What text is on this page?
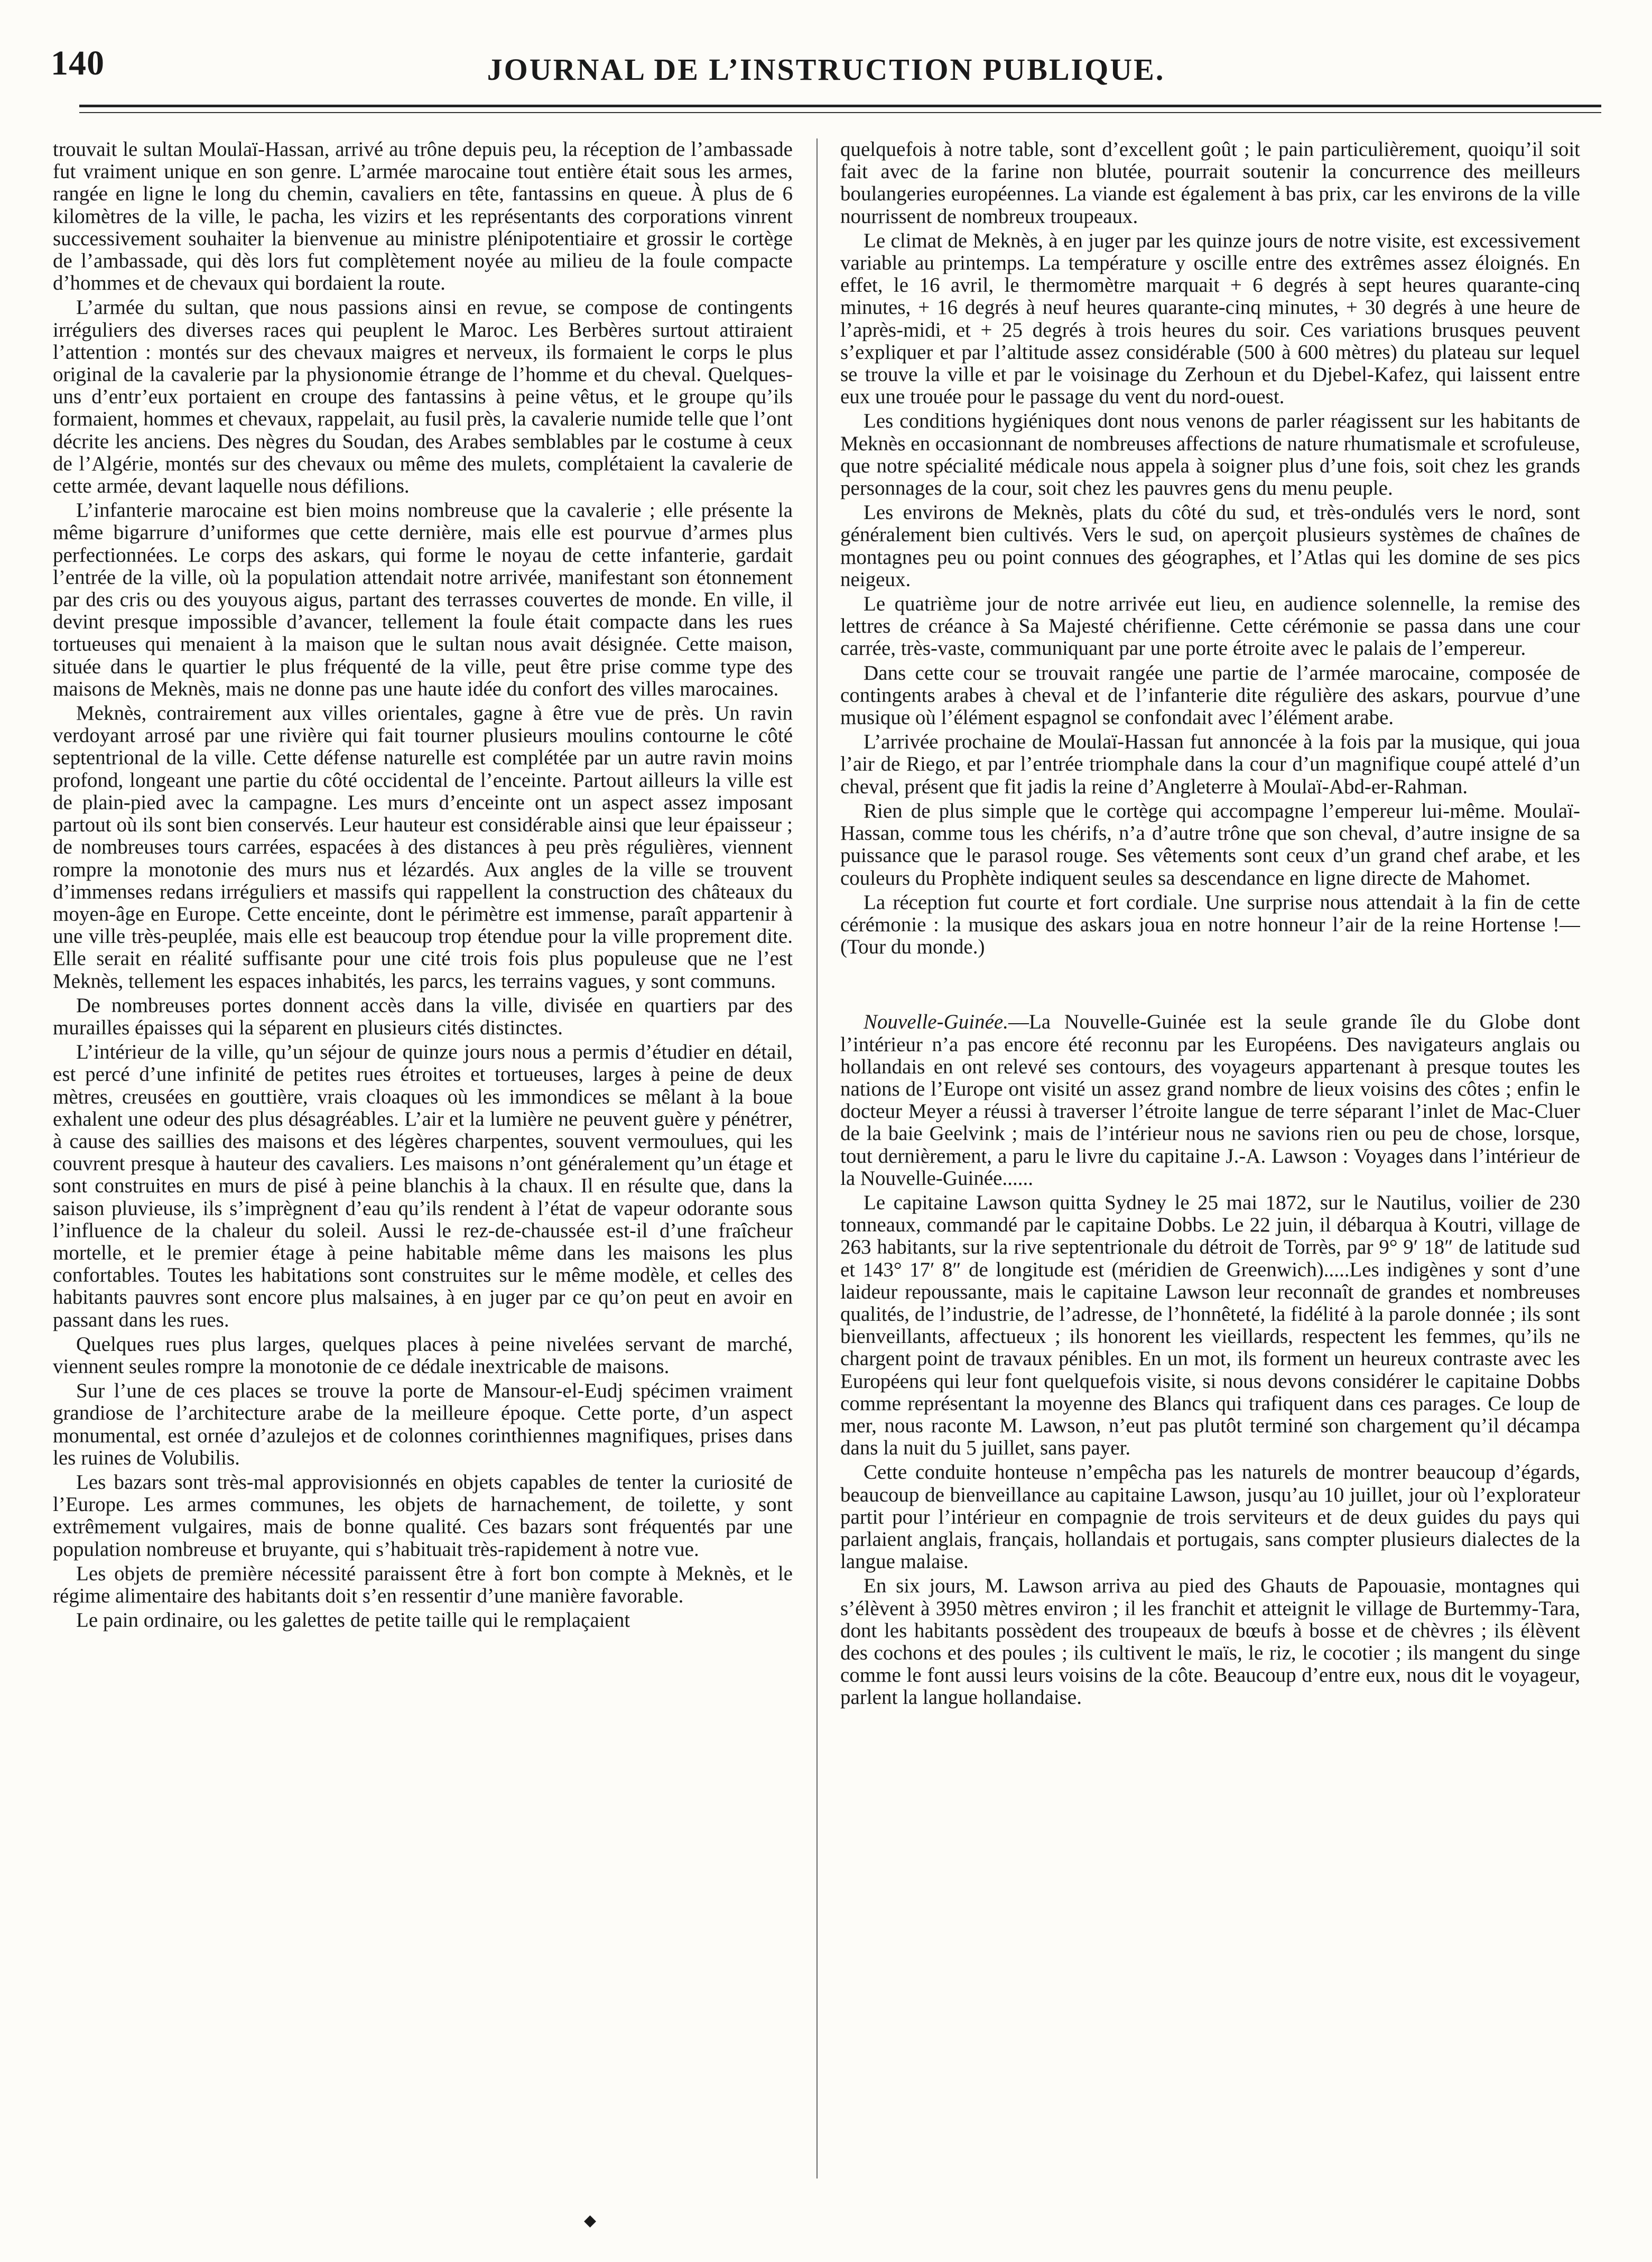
140	JOURNAL DE L’INSTRUCTION PUBLIQUE.

trouvait le sultan Moulaï-Hassan, arrivé au trône depuis peu, la réception de l’ambassade fut vraiment unique en son genre. L’armée marocaine tout entière était sous les armes, rangée en ligne le long du chemin, cavaliers en tête, fantassins en queue. À plus de 6 kilomètres de la ville, le pacha, les vizirs et les représentants des corporations vinrent successivement souhaiter la bienvenue au ministre plénipotentiaire et grossir le cortège de l’ambassade, qui dès lors fut complètement noyée au milieu de la foule compacte d’hommes et de chevaux qui bordaient la route.

L’armée du sultan, que nous passions ainsi en revue, se compose de contingents irréguliers des diverses races qui peuplent le Maroc. Les Berbères surtout attiraient l’attention : montés sur des chevaux maigres et nerveux, ils formaient le corps le plus original de la cavalerie par la physionomie étrange de l’homme et du cheval. Quelques-uns d’entr’eux portaient en croupe des fantassins à peine vêtus, et le groupe qu’ils formaient, hommes et chevaux, rappelait, au fusil près, la cavalerie numide telle que l’ont décrite les anciens. Des nègres du Soudan, des Arabes semblables par le costume à ceux de l’Algérie, montés sur des chevaux ou même des mulets, complétaient la cavalerie de cette armée, devant laquelle nous défilions.

L’infanterie marocaine est bien moins nombreuse que la cavalerie ; elle présente la même bigarrure d’uniformes que cette dernière, mais elle est pourvue d’armes plus perfectionnées. Le corps des askars, qui forme le noyau de cette infanterie, gardait l’entrée de la ville, où la population attendait notre arrivée, manifestant son étonnement par des cris ou des youyous aigus, partant des terrasses couvertes de monde. En ville, il devint presque impossible d’avancer, tellement la foule était compacte dans les rues tortueuses qui menaient à la maison que le sultan nous avait désignée. Cette maison, située dans le quartier le plus fréquenté de la ville, peut être prise comme type des maisons de Meknès, mais ne donne pas une haute idée du confort des villes marocaines.

Meknès, contrairement aux villes orientales, gagne à être vue de près. Un ravin verdoyant arrosé par une rivière qui fait tourner plusieurs moulins contourne le côté septentrional de la ville. Cette défense naturelle est complétée par un autre ravin moins profond, longeant une partie du côté occidental de l’enceinte. Partout ailleurs la ville est de plain-pied avec la campagne. Les murs d’enceinte ont un aspect assez imposant partout où ils sont bien conservés. Leur hauteur est considérable ainsi que leur épaisseur ; de nombreuses tours carrées, espacées à des distances à peu près régulières, viennent rompre la monotonie des murs nus et lézardés. Aux angles de la ville se trouvent d’immenses redans irréguliers et massifs qui rappellent la construction des châteaux du moyen-âge en Europe. Cette enceinte, dont le périmètre est immense, paraît appartenir à une ville très-peuplée, mais elle est beaucoup trop étendue pour la ville proprement dite. Elle serait en réalité suffisante pour une cité trois fois plus populeuse que ne l’est Meknès, tellement les espaces inhabités, les parcs, les terrains vagues, y sont communs.

De nombreuses portes donnent accès dans la ville, divisée en quartiers par des murailles épaisses qui la séparent en plusieurs cités distinctes.

L’intérieur de la ville, qu’un séjour de quinze jours nous a permis d’étudier en détail, est percé d’une infinité de petites rues étroites et tortueuses, larges à peine de deux mètres, creusées en gouttière, vrais cloaques où les immondices se mêlant à la boue exhalent une odeur des plus désagréables. L’air et la lumière ne peuvent guère y pénétrer, à cause des saillies des maisons et des légères charpentes, souvent vermoulues, qui les couvrent presque à hauteur des cavaliers. Les maisons n’ont généralement qu’un étage et sont construites en murs de pisé à peine blanchis à la chaux. Il en résulte que, dans la saison pluvieuse, ils s’imprègnent d’eau qu’ils rendent à l’état de vapeur odorante sous l’influence de la chaleur du soleil. Aussi le rez-de-chaussée est-il d’une fraîcheur mortelle, et le premier étage à peine habitable même dans les maisons les plus confortables. Toutes les habitations sont construites sur le même modèle, et celles des habitants pauvres sont encore plus malsaines, à en juger par ce qu’on peut en avoir en passant dans les rues.

Quelques rues plus larges, quelques places à peine nivelées servant de marché, viennent seules rompre la monotonie de ce dédale inextricable de maisons.

Sur l’une de ces places se trouve la porte de Mansour-el-Eudj spécimen vraiment grandiose de l’architecture arabe de la meilleure époque. Cette porte, d’un aspect monumental, est ornée d’azulejos et de colonnes corinthiennes magnifiques, prises dans les ruines de Volubilis.

Les bazars sont très-mal approvisionnés en objets capables de tenter la curiosité de l’Europe. Les armes communes, les objets de harnachement, de toilette, y sont extrêmement vulgaires, mais de bonne qualité. Ces bazars sont fréquentés par une population nombreuse et bruyante, qui s’habituait très-rapidement à notre vue.

Les objets de première nécessité paraissent être à fort bon compte à Meknès, et le régime alimentaire des habitants doit s’en ressentir d’une manière favorable.

Le pain ordinaire, ou les galettes de petite taille qui le remplaçaient

quelquefois à notre table, sont d’excellent goût ; le pain particulièrement, quoiqu’il soit fait avec de la farine non blutée, pourrait soutenir la concurrence des meilleurs boulangeries européennes. La viande est également à bas prix, car les environs de la ville nourrissent de nombreux troupeaux.

Le climat de Meknès, à en juger par les quinze jours de notre visite, est excessivement variable au printemps. La température y oscille entre des extrêmes assez éloignés. En effet, le 16 avril, le thermomètre marquait + 6 degrés à sept heures quarante-cinq minutes, + 16 degrés à neuf heures quarante-cinq minutes, + 30 degrés à une heure de l’après-midi, et + 25 degrés à trois heures du soir. Ces variations brusques peuvent s’expliquer et par l’altitude assez considérable (500 à 600 mètres) du plateau sur lequel se trouve la ville et par le voisinage du Zerhoun et du Djebel-Kafez, qui laissent entre eux une trouée pour le passage du vent du nord-ouest.

Les conditions hygiéniques dont nous venons de parler réagissent sur les habitants de Meknès en occasionnant de nombreuses affections de nature rhumatismale et scrofuleuse, que notre spécialité médicale nous appela à soigner plus d’une fois, soit chez les grands personnages de la cour, soit chez les pauvres gens du menu peuple.

Les environs de Meknès, plats du côté du sud, et très-ondulés vers le nord, sont généralement bien cultivés. Vers le sud, on aperçoit plusieurs systèmes de chaînes de montagnes peu ou point connues des géographes, et l’Atlas qui les domine de ses pics neigeux.

Le quatrième jour de notre arrivée eut lieu, en audience solennelle, la remise des lettres de créance à Sa Majesté chérifienne. Cette cérémonie se passa dans une cour carrée, très-vaste, communiquant par une porte étroite avec le palais de l’empereur.

Dans cette cour se trouvait rangée une partie de l’armée marocaine, composée de contingents arabes à cheval et de l’infanterie dite régulière des askars, pourvue d’une musique où l’élément espagnol se confondait avec l’élément arabe.

L’arrivée prochaine de Moulaï-Hassan fut annoncée à la fois par la musique, qui joua l’air de Riego, et par l’entrée triomphale dans la cour d’un magnifique coupé attelé d’un cheval, présent que fit jadis la reine d’Angleterre à Moulaï-Abd-er-Rahman.

Rien de plus simple que le cortège qui accompagne l’empereur lui-même. Moulaï-Hassan, comme tous les chérifs, n’a d’autre trône que son cheval, d’autre insigne de sa puissance que le parasol rouge. Ses vêtements sont ceux d’un grand chef arabe, et les couleurs du Prophète indiquent seules sa descendance en ligne directe de Mahomet.

La réception fut courte et fort cordiale. Une surprise nous attendait à la fin de cette cérémonie : la musique des askars joua en notre honneur l’air de la reine Hortense !—(Tour du monde.)

Nouvelle-Guinée.—La Nouvelle-Guinée est la seule grande île du Globe dont l’intérieur n’a pas encore été reconnu par les Européens. Des navigateurs anglais ou hollandais en ont relevé ses contours, des voyageurs appartenant à presque toutes les nations de l’Europe ont visité un assez grand nombre de lieux voisins des côtes ; enfin le docteur Meyer a réussi à traverser l’étroite langue de terre séparant l’inlet de Mac-Cluer de la baie Geelvink ; mais de l’intérieur nous ne savions rien ou peu de chose, lorsque, tout dernièrement, a paru le livre du capitaine J.-A. Lawson : Voyages dans l’intérieur de la Nouvelle-Guinée......

Le capitaine Lawson quitta Sydney le 25 mai 1872, sur le Nautilus, voilier de 230 tonneaux, commandé par le capitaine Dobbs. Le 22 juin, il débarqua à Koutri, village de 263 habitants, sur la rive septentrionale du détroit de Torrès, par 9° 9′ 18″ de latitude sud et 143° 17′ 8″ de longitude est (méridien de Greenwich).....Les indigènes y sont d’une laideur repoussante, mais le capitaine Lawson leur reconnaît de grandes et nombreuses qualités, de l’industrie, de l’adresse, de l’honnêteté, la fidélité à la parole donnée ; ils sont bienveillants, affectueux ; ils honorent les vieillards, respectent les femmes, qu’ils ne chargent point de travaux pénibles. En un mot, ils forment un heureux contraste avec les Européens qui leur font quelquefois visite, si nous devons considérer le capitaine Dobbs comme représentant la moyenne des Blancs qui trafiquent dans ces parages. Ce loup de mer, nous raconte M. Lawson, n’eut pas plutôt terminé son chargement qu’il décampa dans la nuit du 5 juillet, sans payer.

Cette conduite honteuse n’empêcha pas les naturels de montrer beaucoup d’égards, beaucoup de bienveillance au capitaine Lawson, jusqu’au 10 juillet, jour où l’explorateur partit pour l’intérieur en compagnie de trois serviteurs et de deux guides du pays qui parlaient anglais, français, hollandais et portugais, sans compter plusieurs dialectes de la langue malaise.

En six jours, M. Lawson arriva au pied des Ghauts de Papouasie, montagnes qui s’élèvent à 3950 mètres environ ; il les franchit et atteignit le village de Burtemmy-Tara, dont les habitants possèdent des troupeaux de bœufs à bosse et de chèvres ; ils élèvent des cochons et des poules ; ils cultivent le maïs, le riz, le cocotier ; ils mangent du singe comme le font aussi leurs voisins de la côte. Beaucoup d’entre eux, nous dit le voyageur, parlent la langue hollandaise.

◆
